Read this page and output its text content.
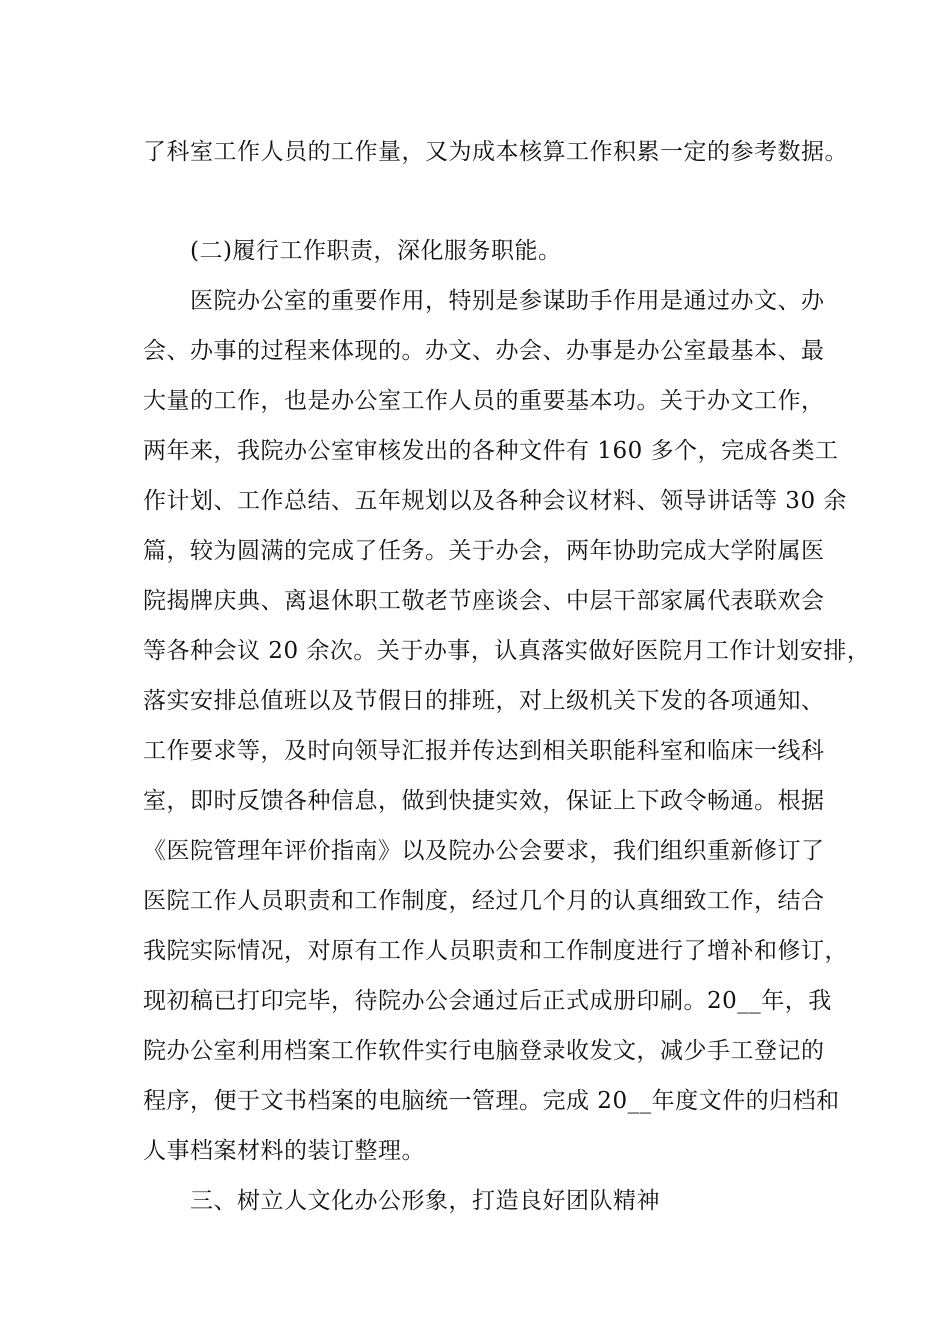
了科室工作人员的工作量，又为成本核算工作积累一定的参考数据。
(二)履行工作职责，深化服务职能。
医院办公室的重要作用，特别是参谋助手作用是通过办文、办
会、办事的过程来体现的。办文、办会、办事是办公室最基本、最
大量的工作，也是办公室工作人员的重要基本功。关于办文工作，
两年来，我院办公室审核发出的各种文件有 160 多个，完成各类工
作计划、工作总结、五年规划以及各种会议材料、领导讲话等 30 余
篇，较为圆满的完成了任务。关于办会，两年协助完成大学附属医
院揭牌庆典、离退休职工敬老节座谈会、中层干部家属代表联欢会
等各种会议 20 余次。关于办事，认真落实做好医院月工作计划安排，
落实安排总值班以及节假日的排班，对上级机关下发的各项通知、
工作要求等，及时向领导汇报并传达到相关职能科室和临床一线科
室，即时反馈各种信息，做到快捷实效，保证上下政令畅通。根据
《医院管理年评价指南》以及院办公会要求，我们组织重新修订了
医院工作人员职责和工作制度，经过几个月的认真细致工作，结合
我院实际情况，对原有工作人员职责和工作制度进行了增补和修订，
现初稿已打印完毕，待院办公会通过后正式成册印刷。20__年，我
院办公室利用档案工作软件实行电脑登录收发文，减少手工登记的
程序，便于文书档案的电脑统一管理。完成 20__年度文件的归档和
人事档案材料的装订整理。
三、树立人文化办公形象，打造良好团队精神
